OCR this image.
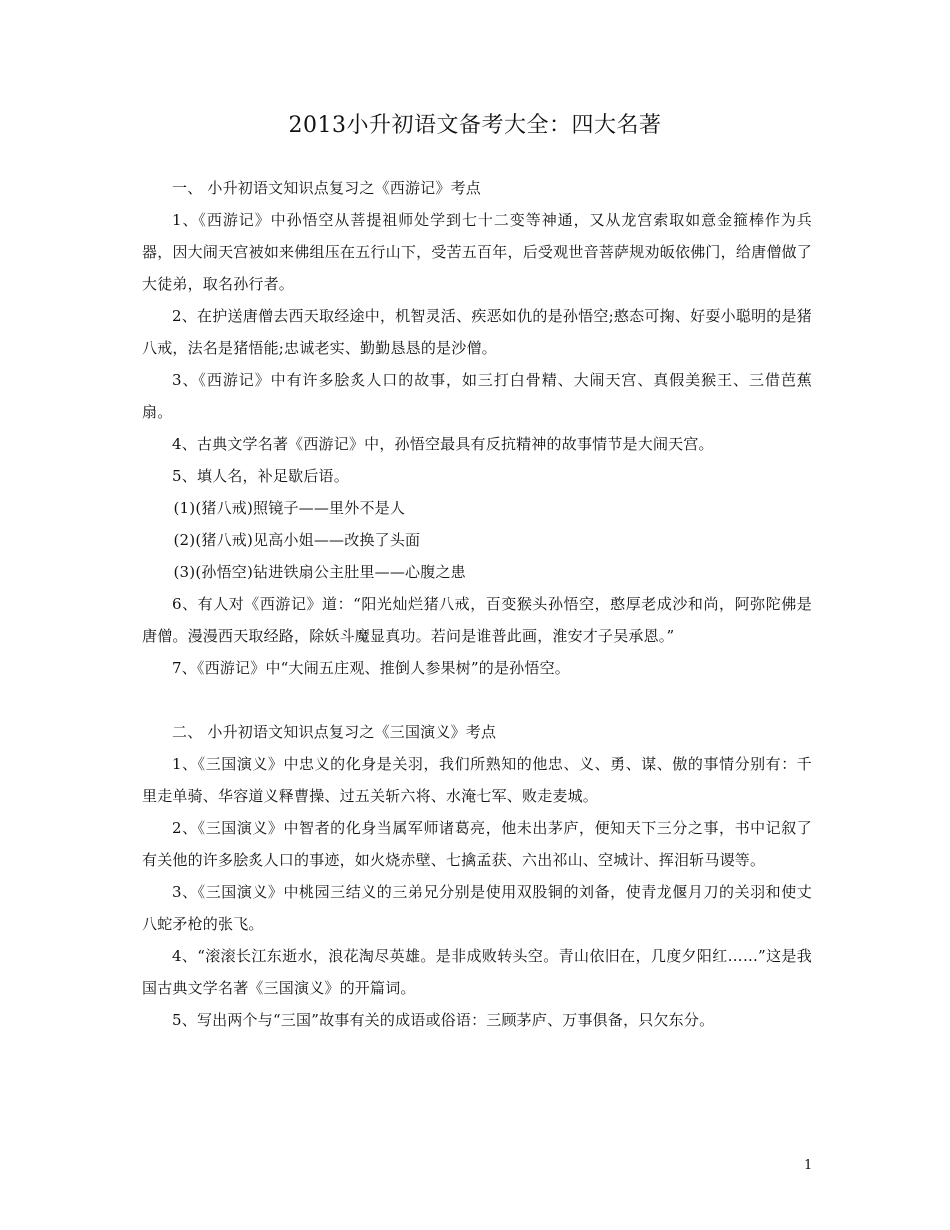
2013小升初语文备考大全：四大名著

一、 小升初语文知识点复习之《西游记》考点

1、《西游记》中孙悟空从菩提祖师处学到七十二变等神通，又从龙宫索取如意金箍棒作为兵器，因大闹天宫被如来佛组压在五行山下，受苦五百年，后受观世音菩萨规劝皈依佛门，给唐僧做了大徒弟，取名孙行者。

2、在护送唐僧去西天取经途中，机智灵活、疾恶如仇的是孙悟空;憨态可掬、好耍小聪明的是猪八戒，法名是猪悟能;忠诚老实、勤勤恳恳的是沙僧。

3、《西游记》中有许多脍炙人口的故事，如三打白骨精、大闹天宫、真假美猴王、三借芭蕉扇。

4、古典文学名著《西游记》中，孙悟空最具有反抗精神的故事情节是大闹天宫。

5、填人名，补足歇后语。

(1)(猪八戒)照镜子——里外不是人

(2)(猪八戒)见高小姐——改换了头面

(3)(孙悟空)钻进铁扇公主肚里——心腹之患

6、有人对《西游记》道：“阳光灿烂猪八戒，百变猴头孙悟空，憨厚老成沙和尚，阿弥陀佛是唐僧。漫漫西天取经路，除妖斗魔显真功。若问是谁普此画，淮安才子吴承恩。”

7、《西游记》中“大闹五庄观、推倒人参果树”的是孙悟空。

二、 小升初语文知识点复习之《三国演义》考点

1、《三国演义》中忠义的化身是关羽，我们所熟知的他忠、义、勇、谋、傲的事情分别有：千里走单骑、华容道义释曹操、过五关斩六将、水淹七军、败走麦城。

2、《三国演义》中智者的化身当属军师诸葛亮，他未出茅庐，便知天下三分之事，书中记叙了有关他的许多脍炙人口的事迹，如火烧赤壁、七擒孟获、六出祁山、空城计、挥泪斩马谡等。

3、《三国演义》中桃园三结义的三弟兄分别是使用双股铜的刘备，使青龙偃月刀的关羽和使丈八蛇矛枪的张飞。

4、“滚滚长江东逝水，浪花淘尽英雄。是非成败转头空。青山依旧在，几度夕阳红……”这是我国古典文学名著《三国演义》的开篇词。

5、写出两个与“三国”故事有关的成语或俗语：三顾茅庐、万事俱备，只欠东分。

1
